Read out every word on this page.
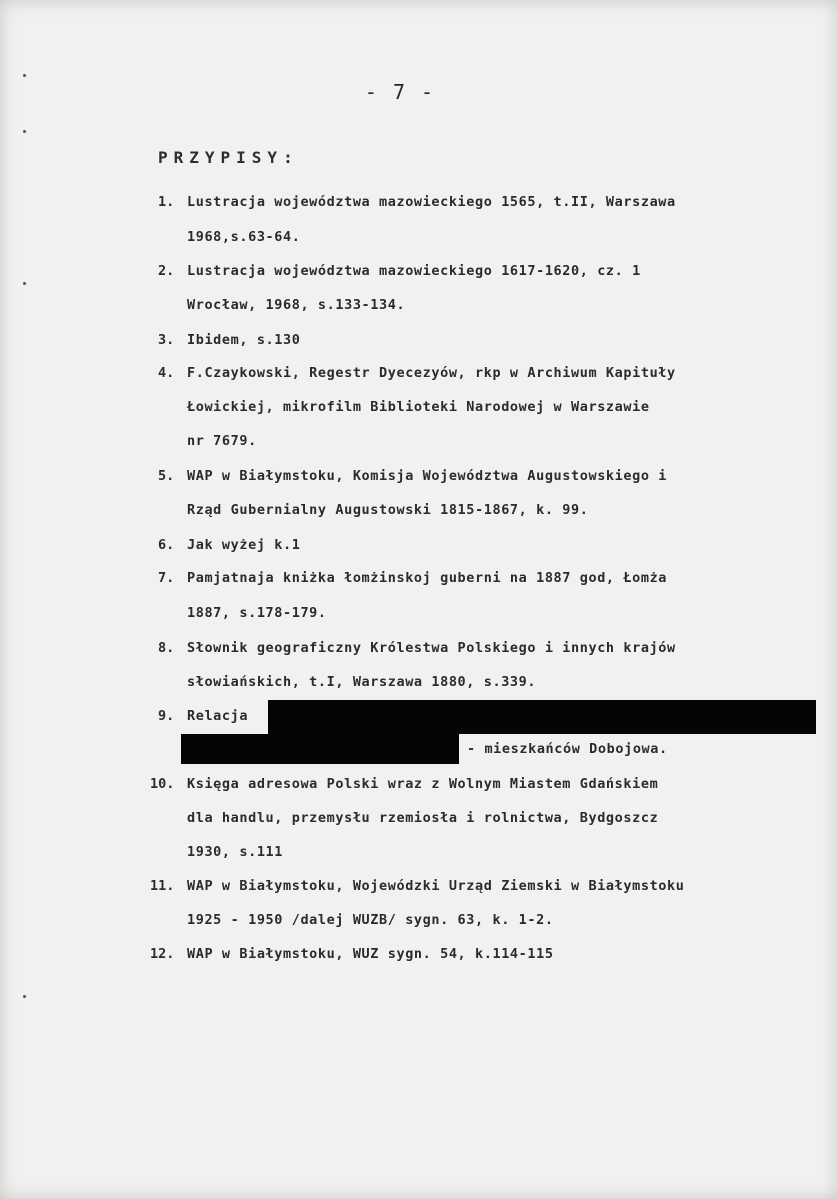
- 7 -
PRZYPISY:
1. Lustracja województwa mazowieckiego 1565, t.II, Warszawa
1968,s.63-64.
2. Lustracja województwa mazowieckiego 1617-1620, cz. 1
Wrocław, 1968, s.133-134.
3. Ibidem, s.130
4. F.Czaykowski, Regestr Dyecezyów, rkp w Archiwum Kapituły
Łowickiej, mikrofilm Biblioteki Narodowej w Warszawie
nr 7679.
5. WAP w Białymstoku, Komisja Województwa Augustowskiego i
Rząd Gubernialny Augustowski 1815-1867, k. 99.
6. Jak wyżej k.1
7. Pamjatnaja kniżka łomżinskoj guberni na 1887 god, Łomża
1887, s.178-179.
8. Słownik geograficzny Królestwa Polskiego i innych krajów
słowiańskich, t.I, Warszawa 1880, s.339.
9. Relacja
- mieszkańców Dobojowa.
10. Księga adresowa Polski wraz z Wolnym Miastem Gdańskiem
dla handlu, przemysłu rzemiosła i rolnictwa, Bydgoszcz
1930, s.111
11. WAP w Białymstoku, Wojewódzki Urząd Ziemski w Białymstoku
1925 - 1950 /dalej WUZB/ sygn. 63, k. 1-2.
12. WAP w Białymstoku, WUZ sygn. 54, k.114-115
